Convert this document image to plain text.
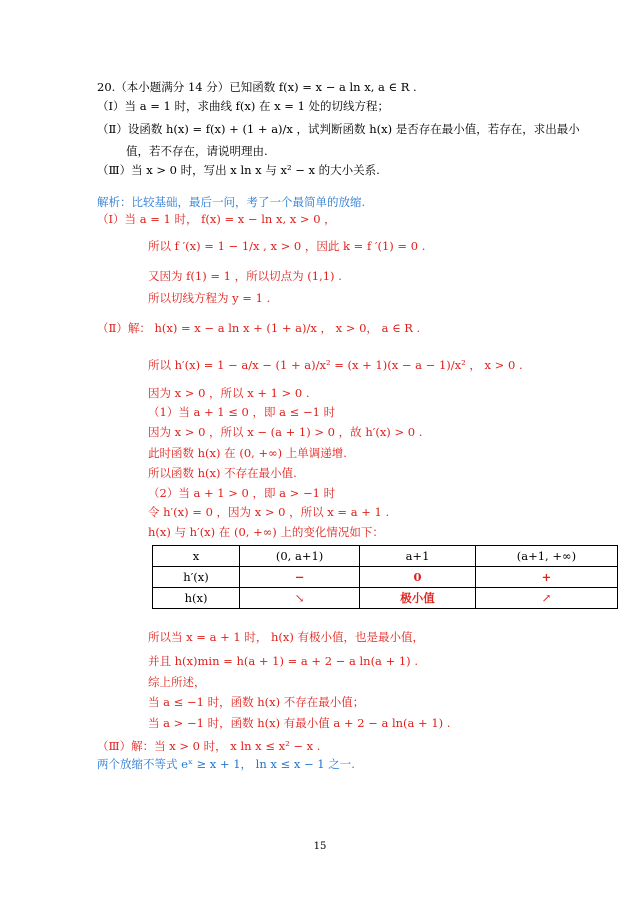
20.（本小题满分 14 分）已知函数 f(x) = x − a ln x, a ∈ R .
（Ⅰ）当 a = 1 时，求曲线 f(x) 在 x = 1 处的切线方程；
（Ⅱ）设函数 h(x) = f(x) + (1 + a)/x ，试判断函数 h(x) 是否存在最小值，若存在，求出最小
值，若不存在，请说明理由.
（Ⅲ）当 x > 0 时，写出 x ln x 与 x² − x 的大小关系.
解析：比较基础，最后一问，考了一个最简单的放缩.
（Ⅰ）当 a = 1 时， f(x) = x − ln x, x > 0 ，
所以 f ′(x) = 1 − 1/x , x > 0 ，因此 k = f ′(1) = 0 .
又因为 f(1) = 1 ，所以切点为 (1,1) .
所以切线方程为 y = 1 .
（Ⅱ）解： h(x) = x − a ln x + (1 + a)/x ， x > 0， a ∈ R .
所以 h′(x) = 1 − a/x − (1 + a)/x² = (x + 1)(x − a − 1)/x² ， x > 0 .
因为 x > 0 ，所以 x + 1 > 0 .
（1）当 a + 1 ≤ 0 ，即 a ≤ −1 时
因为 x > 0 ，所以 x − (a + 1) > 0 ，故 h′(x) > 0 .
此时函数 h(x) 在 (0, +∞) 上单调递增.
所以函数 h(x) 不存在最小值.
（2）当 a + 1 > 0 ，即 a > −1 时
令 h′(x) = 0 ，因为 x > 0 ，所以 x = a + 1 .
h(x) 与 h′(x) 在 (0, +∞) 上的变化情况如下：
x	(0, a+1)	a+1	(a+1, +∞)
h′(x)	−	0	+
h(x)	↘	极小值	↗
所以当 x = a + 1 时， h(x) 有极小值，也是最小值，
并且 h(x)min = h(a + 1) = a + 2 − a ln(a + 1) .
综上所述，
当 a ≤ −1 时，函数 h(x) 不存在最小值；
当 a > −1 时，函数 h(x) 有最小值 a + 2 − a ln(a + 1) .
（Ⅲ）解：当 x > 0 时， x ln x ≤ x² − x .
两个放缩不等式 eˣ ≥ x + 1， ln x ≤ x − 1 之一.
15
